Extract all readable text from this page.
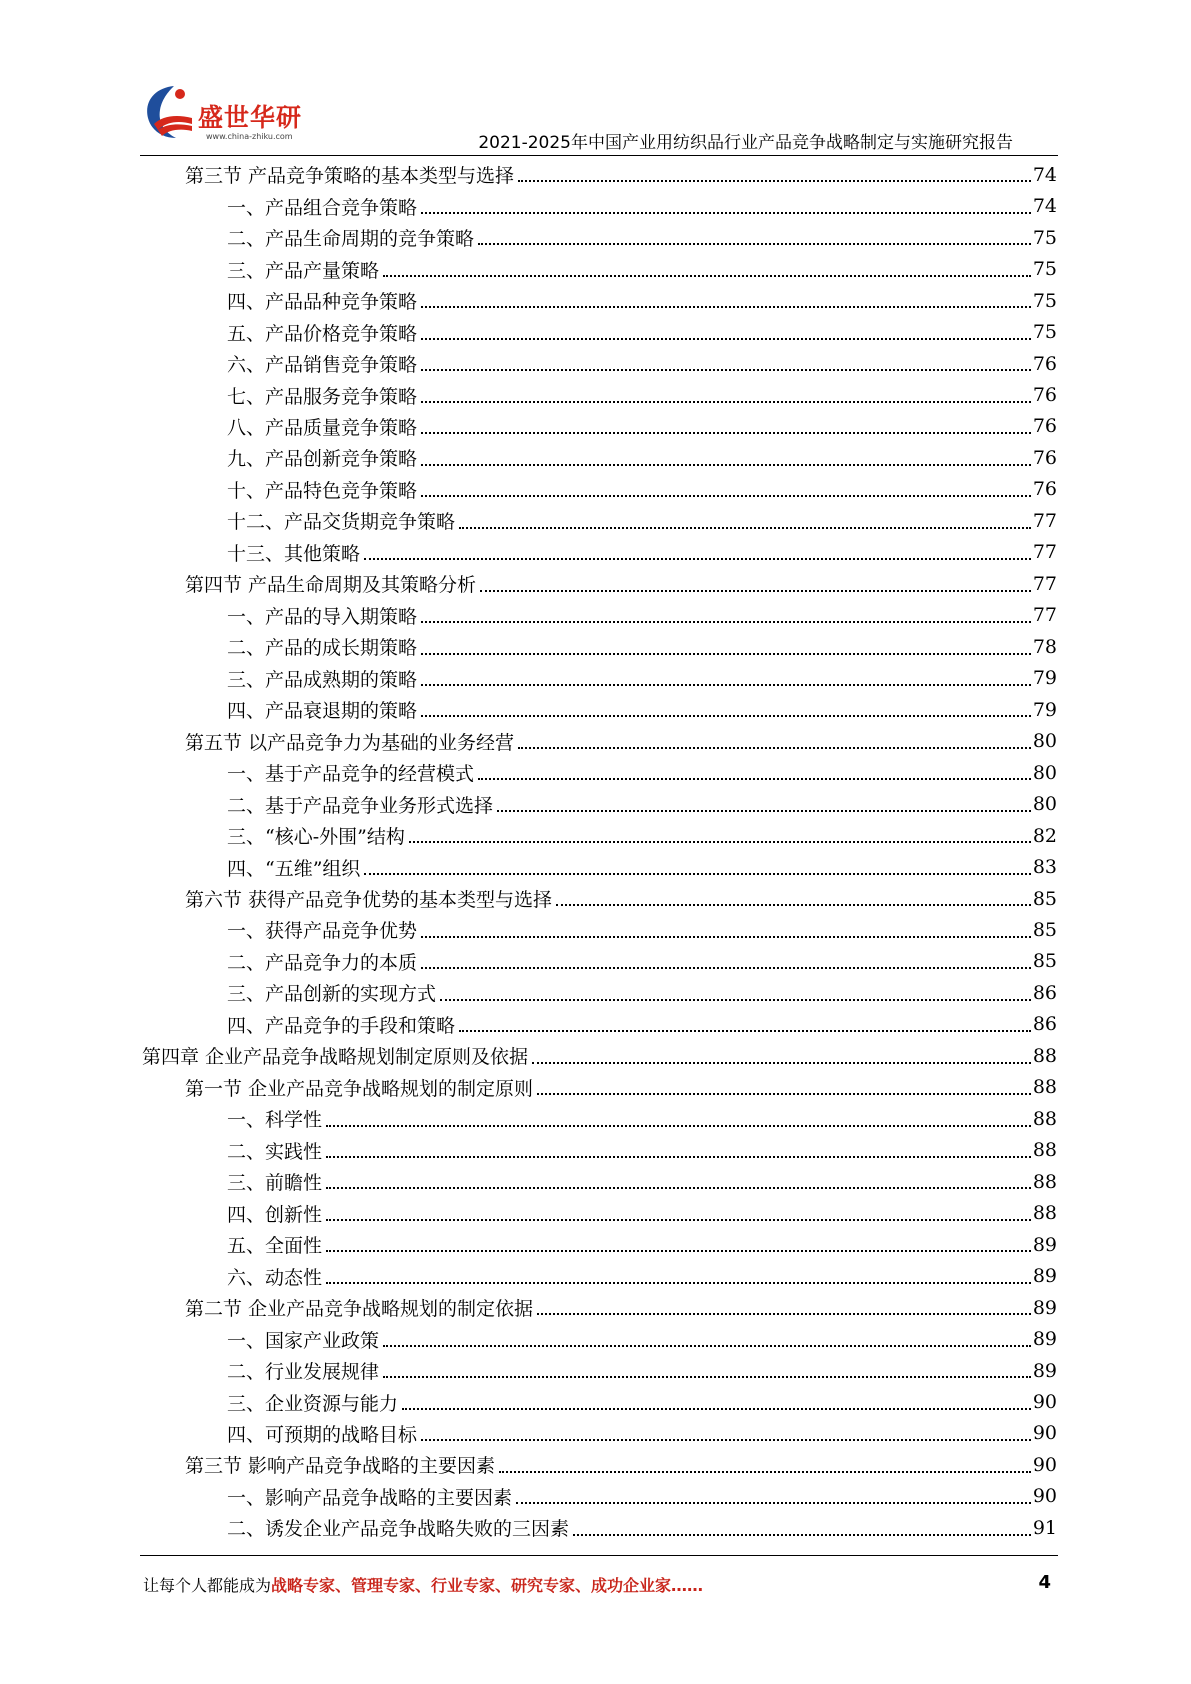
盛世华研
www.china-zhiku.com	2021-2025年中国产业用纺织品行业产品竞争战略制定与实施研究报告
第三节 产品竞争策略的基本类型与选择	74
一、产品组合竞争策略	74
二、产品生命周期的竞争策略	75
三、产品产量策略	75
四、产品品种竞争策略	75
五、产品价格竞争策略	75
六、产品销售竞争策略	76
七、产品服务竞争策略	76
八、产品质量竞争策略	76
九、产品创新竞争策略	76
十、产品特色竞争策略	76
十二、产品交货期竞争策略	77
十三、其他策略	77
第四节 产品生命周期及其策略分析	77
一、产品的导入期策略	77
二、产品的成长期策略	78
三、产品成熟期的策略	79
四、产品衰退期的策略	79
第五节 以产品竞争力为基础的业务经营	80
一、基于产品竞争的经营模式	80
二、基于产品竞争业务形式选择	80
三、“核心-外围”结构	82
四、“五维”组织	83
第六节 获得产品竞争优势的基本类型与选择	85
一、获得产品竞争优势	85
二、产品竞争力的本质	85
三、产品创新的实现方式	86
四、产品竞争的手段和策略	86
第四章 企业产品竞争战略规划制定原则及依据	88
第一节 企业产品竞争战略规划的制定原则	88
一、科学性	88
二、实践性	88
三、前瞻性	88
四、创新性	88
五、全面性	89
六、动态性	89
第二节 企业产品竞争战略规划的制定依据	89
一、国家产业政策	89
二、行业发展规律	89
三、企业资源与能力	90
四、可预期的战略目标	90
第三节 影响产品竞争战略的主要因素	90
一、影响产品竞争战略的主要因素	90
二、诱发企业产品竞争战略失败的三因素	91
让每个人都能成为战略专家、管理专家、行业专家、研究专家、成功企业家……	4
